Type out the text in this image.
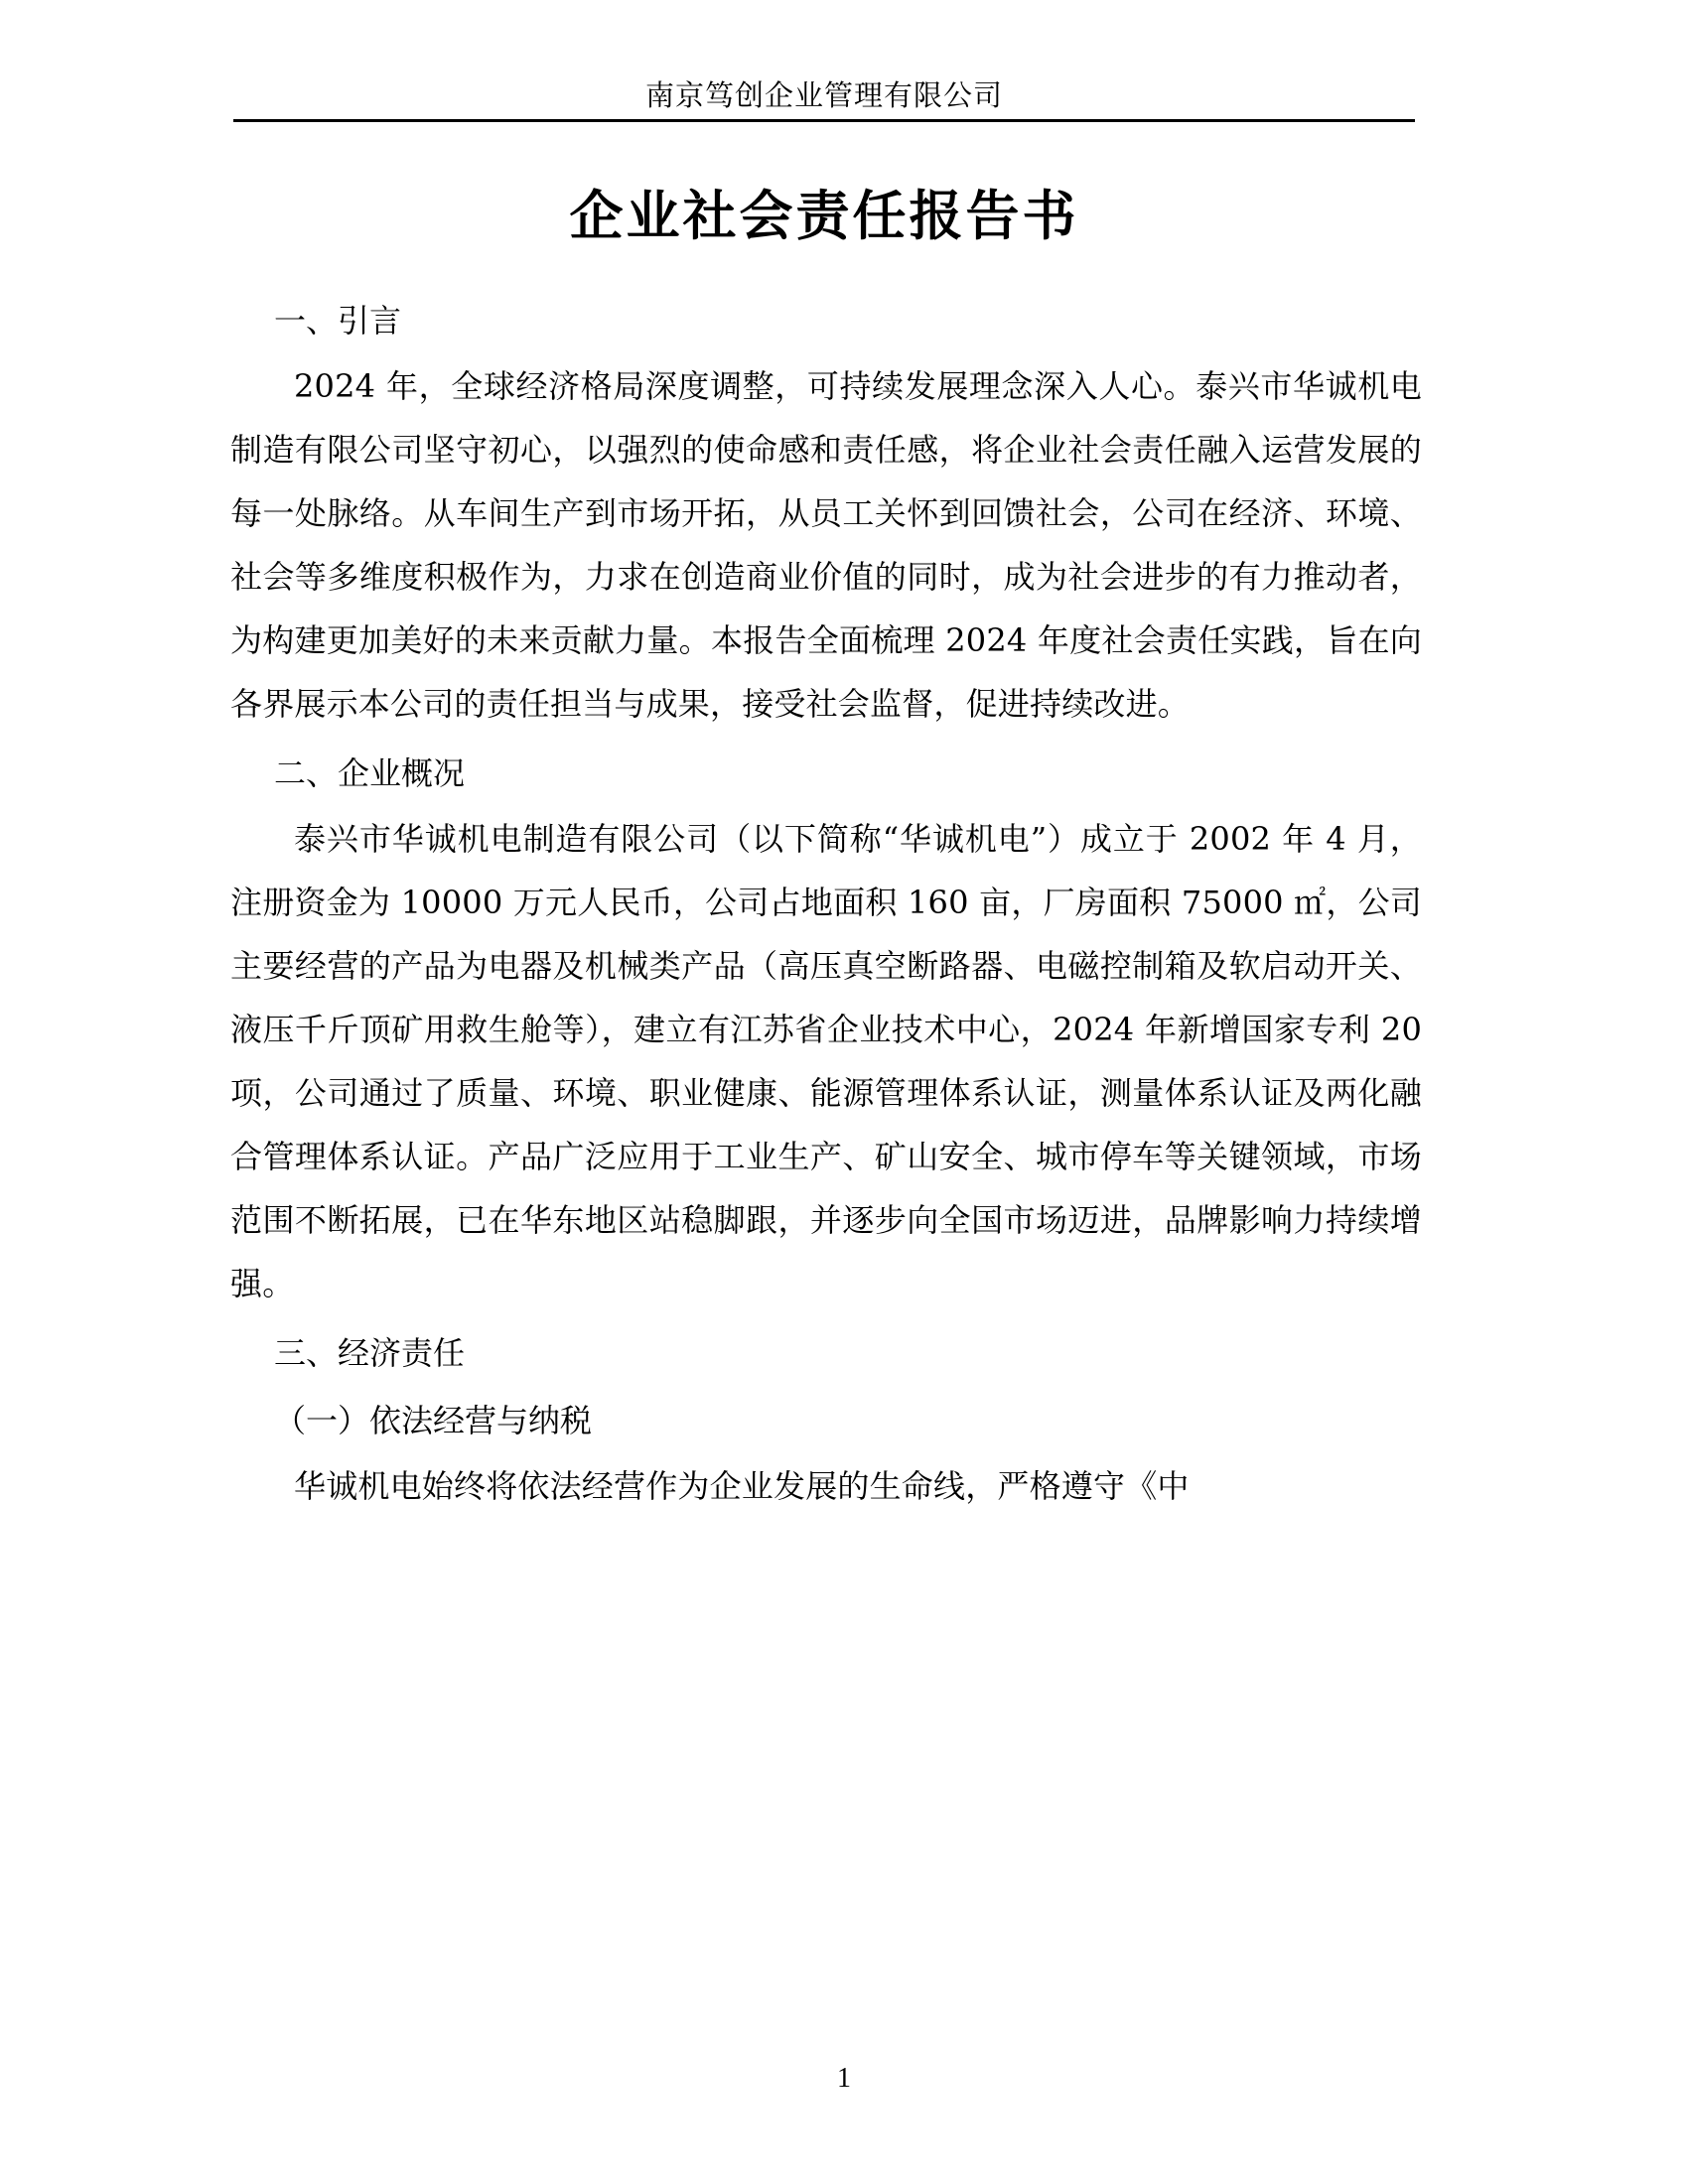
南京笃创企业管理有限公司
企业社会责任报告书
一、引言

2024 年，全球经济格局深度调整，可持续发展理念深入人心。泰兴市华诚机电制造有限公司坚守初心，以强烈的使命感和责任感，将企业社会责任融入运营发展的每一处脉络。从车间生产到市场开拓，从员工关怀到回馈社会，公司在经济、环境、社会等多维度积极作为，力求在创造商业价值的同时，成为社会进步的有力推动者，为构建更加美好的未来贡献力量。本报告全面梳理 2024 年度社会责任实践，旨在向各界展示本公司的责任担当与成果，接受社会监督，促进持续改进。

二、企业概况

泰兴市华诚机电制造有限公司（以下简称“华诚机电”）成立于 2002 年 4 月，注册资金为 10000 万元人民币，公司占地面积 160 亩，厂房面积 75000 ㎡，公司主要经营的产品为电器及机械类产品（高压真空断路器、电磁控制箱及软启动开关、液压千斤顶矿用救生舱等），建立有江苏省企业技术中心，2024 年新增国家专利 20 项，公司通过了质量、环境、职业健康、能源管理体系认证，测量体系认证及两化融合管理体系认证。产品广泛应用于工业生产、矿山安全、城市停车等关键领域，市场范围不断拓展，已在华东地区站稳脚跟，并逐步向全国市场迈进，品牌影响力持续增强。

三、经济责任
（一）依法经营与纳税

华诚机电始终将依法经营作为企业发展的生命线，严格遵守《中

1
